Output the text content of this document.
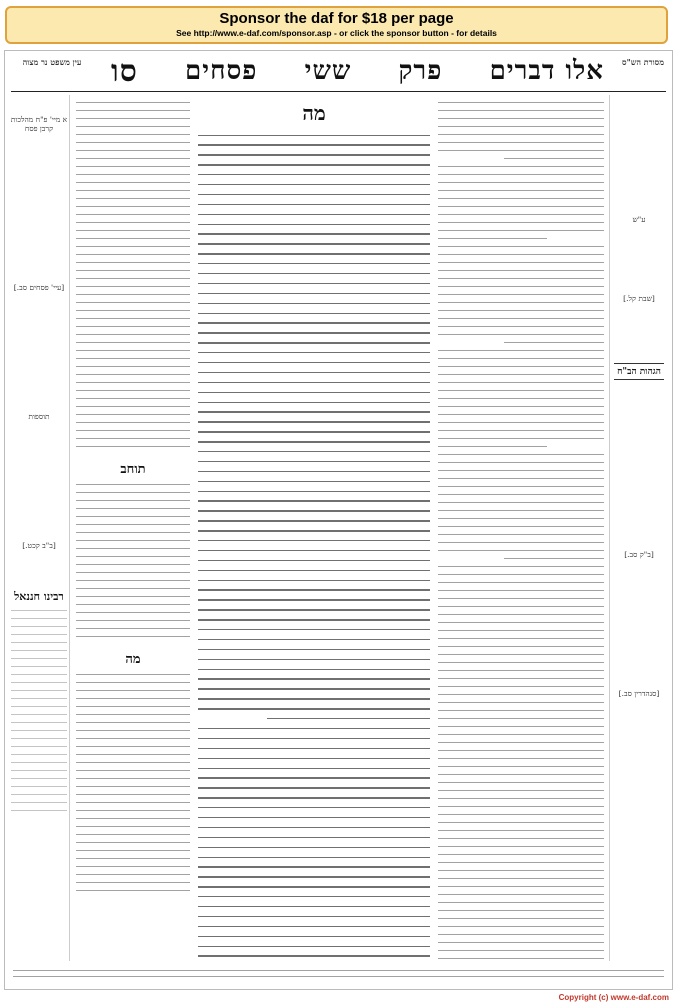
Sponsor the daf for $18 per page
See http://www.e-daf.com/sponsor.asp - or click the sponsor button - for details
מסורת הש"ס
אלו דברים
פרק
ששי
פסחים
סו
עין משפט נר מצוה
ע"ש
[שבת קל.]
הגהות הב"ח
[ב"ק סב.]
[סנהדרין סב.]
מה
תוחב
מה
א מיי' פ"ח מהלכות קרבן פסח
[עיי' פסחים סב.]
תוספות
[ב"ב קכט.]
רבינו חננאל
Copyright (c) www.e-daf.com
